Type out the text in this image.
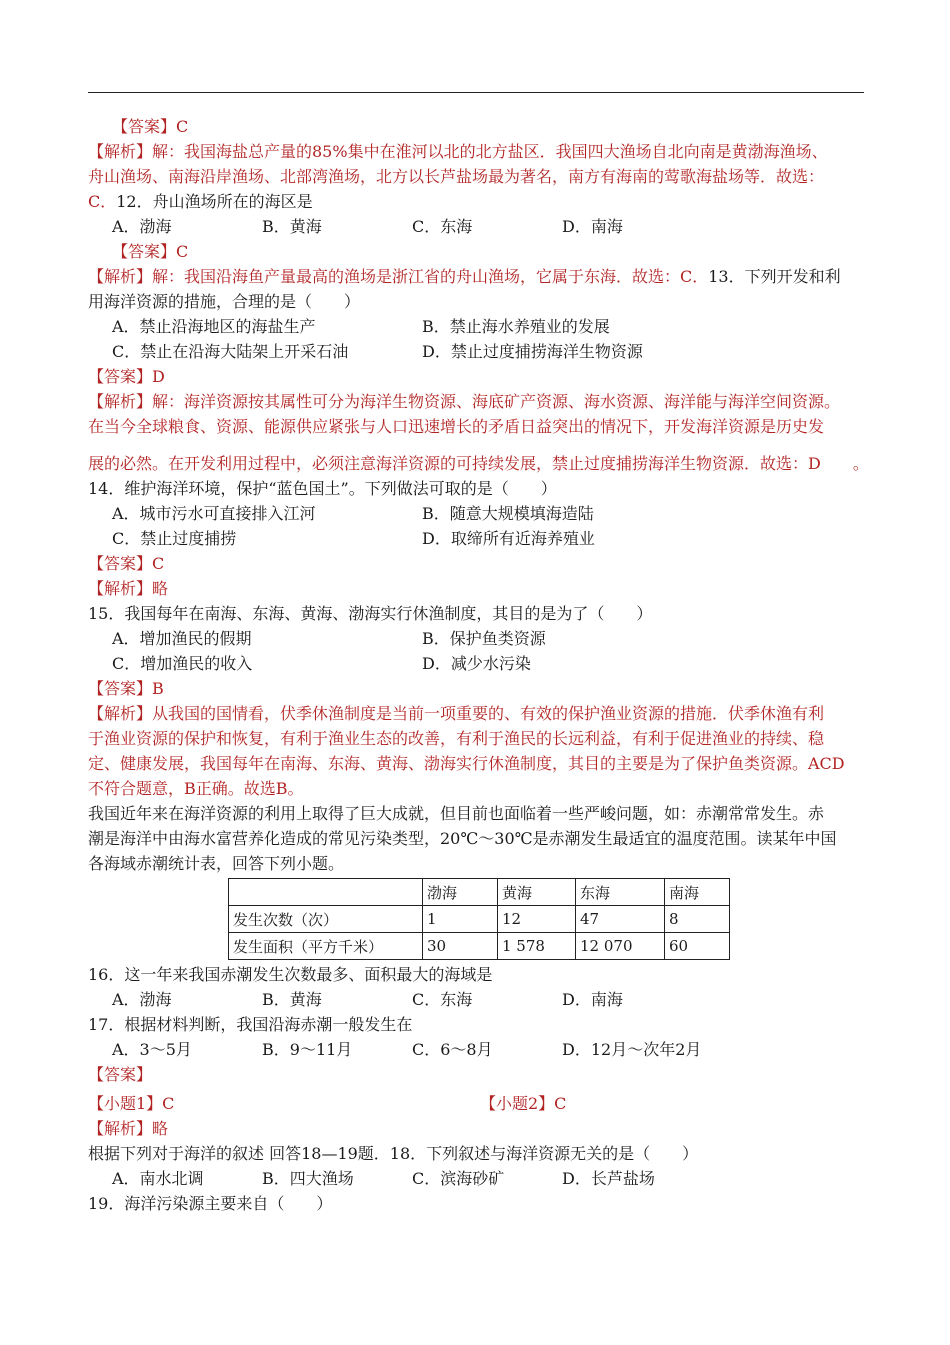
【答案】C
【解析】解：我国海盐总产量的85%集中在淮河以北的北方盐区．我国四大渔场自北向南是黄渤海渔场、
舟山渔场、南海沿岸渔场、北部湾渔场，北方以长芦盐场最为著名，南方有海南的莺歌海盐场等．故选：
C．12．舟山渔场所在的海区是
A．渤海	B．黄海	C．东海	D．南海
【答案】C
【解析】解：我国沿海鱼产量最高的渔场是浙江省的舟山渔场，它属于东海．故选：C．13．下列开发和利
用海洋资源的措施，合理的是（　　）
A．禁止沿海地区的海盐生产	B．禁止海水养殖业的发展
C．禁止在沿海大陆架上开采石油	D．禁止过度捕捞海洋生物资源
【答案】D
【解析】解：海洋资源按其属性可分为海洋生物资源、海底矿产资源、海水资源、海洋能与海洋空间资源。
在当今全球粮食、资源、能源供应紧张与人口迅速增长的矛盾日益突出的情况下，开发海洋资源是历史发
展的必然。在开发利用过程中，必须注意海洋资源的可持续发展，禁止过度捕捞海洋生物资源．故选：D　　。
14．维护海洋环境，保护“蓝色国土”。下列做法可取的是（　　）
A．城市污水可直接排入江河	B．随意大规模填海造陆
C．禁止过度捕捞	D．取缔所有近海养殖业
【答案】C
【解析】略
15．我国每年在南海、东海、黄海、渤海实行休渔制度，其目的是为了（　　）
A．增加渔民的假期	B．保护鱼类资源
C．增加渔民的收入	D．减少水污染
【答案】B
【解析】从我国的国情看，伏季休渔制度是当前一项重要的、有效的保护渔业资源的措施．伏季休渔有利
于渔业资源的保护和恢复，有利于渔业生态的改善，有利于渔民的长远利益，有利于促进渔业的持续、稳
定、健康发展，我国每年在南海、东海、黄海、渤海实行休渔制度，其目的主要是为了保护鱼类资源。ACD
不符合题意，B正确。故选B。
我国近年来在海洋资源的利用上取得了巨大成就，但目前也面临着一些严峻问题，如：赤潮常常发生。赤
潮是海洋中由海水富营养化造成的常见污染类型，20℃～30℃是赤潮发生最适宜的温度范围。读某年中国
各海域赤潮统计表，回答下列小题。
	渤海	黄海	东海	南海
发生次数（次）	1	12	47	8
发生面积（平方千米）	30	1 578	12 070	60
16．这一年来我国赤潮发生次数最多、面积最大的海域是
A．渤海	B．黄海	C．东海	D．南海
17．根据材料判断，我国沿海赤潮一般发生在
A．3～5月	B．9～11月	C．6～8月	D．12月～次年2月
【答案】
【小题1】C	【小题2】C
【解析】略
根据下列对于海洋的叙述 回答18—19题．18．下列叙述与海洋资源无关的是（　　）
A．南水北调	B．四大渔场	C．滨海砂矿	D．长芦盐场
19．海洋污染源主要来自（　　）
